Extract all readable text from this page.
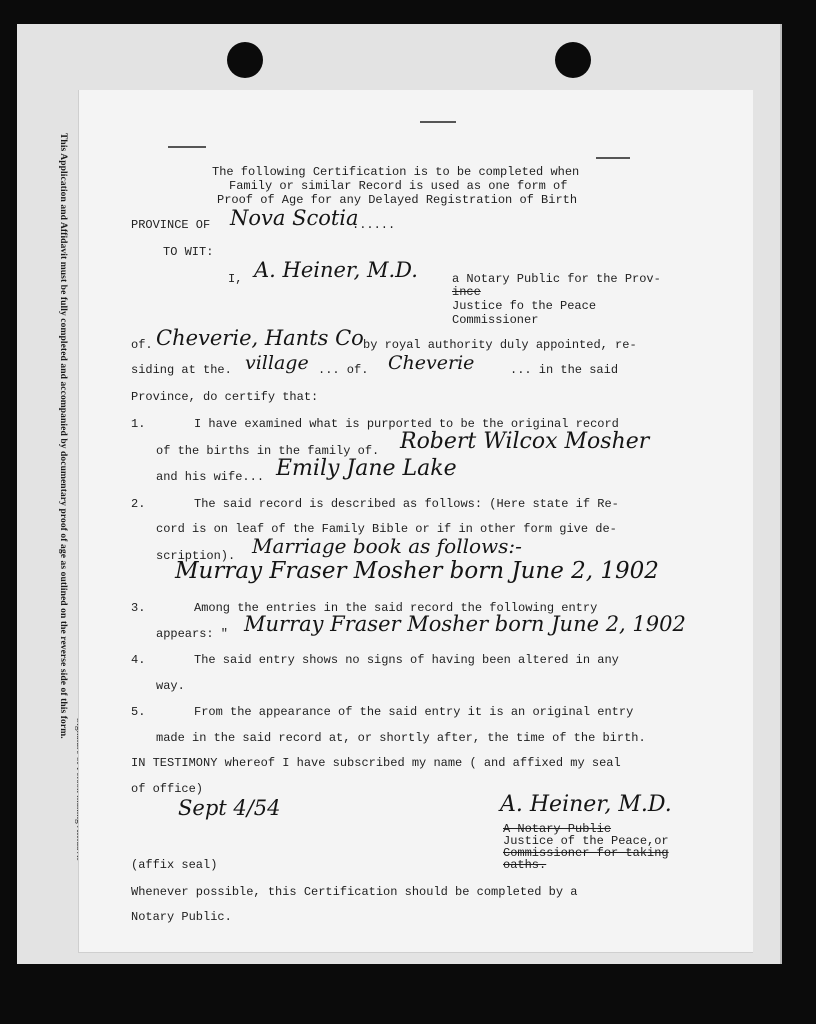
This Application and Affidavit must be fully completed and accompanied by documentary proof of age as outlined on the reverse side of this form.	The following Certification is to be completed when
Family or similar Record is used as one form of
Proof of Age for any Delayed Registration of Birth
PROVINCE OF Nova Scotia
......
TO WIT:
I, A. Heiner, M.D.	a Notary Public for the Prov-
ince
Justice fo the Peace
Commissioner
of. Cheverie, Hants Co by royal authority duly appointed, re-
siding at the. village ... of. Cheverie	... in the said
Province, do certify that:
1.	I have examined what is purported to be the original record
of the births in the family of. Robert Wilcox Mosher
and his wife... Emily Jane Lake
2.	The said record is described as follows: (Here state if Re-
cord is on leaf of the Family Bible or if in other form give de-
scription). Marriage book as follows:-
Murray Fraser Mosher born June 2, 1902
3.	Among the entries in the said record the following entry
appears: " Murray Fraser Mosher born June 2, 1902
4.	The said entry shows no signs of having been altered in any
way.
5.	From the appearance of the said entry it is an original entry
made in the said record at, or shortly after, the time of the birth.
IN TESTIMONY whereof I have subscribed my name ( and affixed my seal
of office)
Sept 4/54	A. Heiner, M.D.
A Notary Public
Justice of the Peace,or
Commissioner for taking
oaths.
(affix seal)
Whenever possible, this Certification should be completed by a
Notary Public.
